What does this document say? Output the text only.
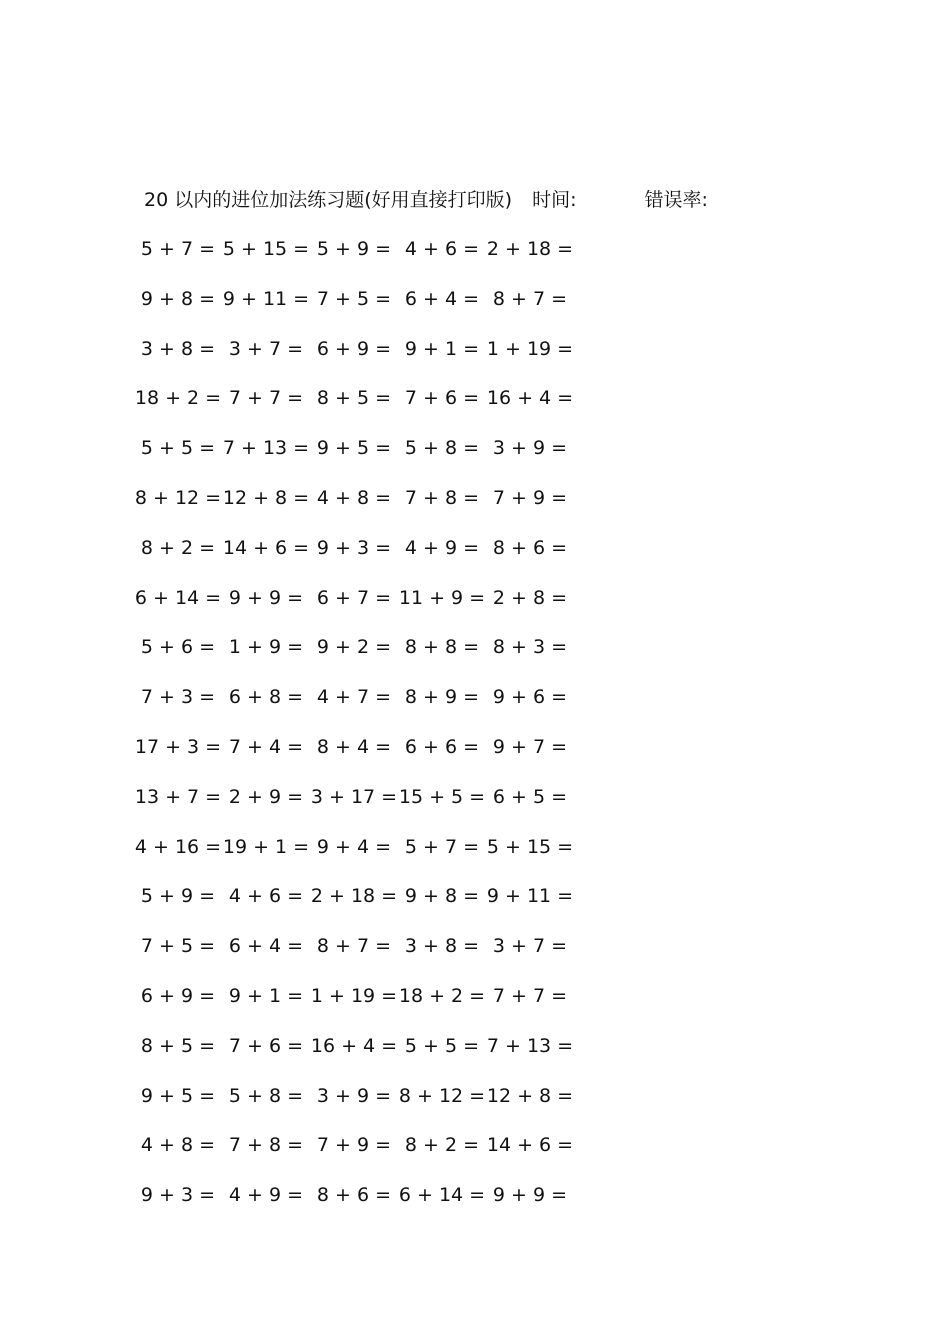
20 以内的进位加法练习题(好用直接打印版) 时间:	错误率:
5 + 7 = 5 + 15 = 5 + 9 = 4 + 6 = 2 + 18 =
9 + 8 = 9 + 11 = 7 + 5 = 6 + 4 = 8 + 7 =
3 + 8 = 3 + 7 = 6 + 9 = 9 + 1 = 1 + 19 =
18 + 2 = 7 + 7 = 8 + 5 = 7 + 6 = 16 + 4 =
5 + 5 = 7 + 13 = 9 + 5 = 5 + 8 = 3 + 9 =
8 + 12 = 12 + 8 = 4 + 8 = 7 + 8 = 7 + 9 =
8 + 2 = 14 + 6 = 9 + 3 = 4 + 9 = 8 + 6 =
6 + 14 = 9 + 9 = 6 + 7 = 11 + 9 = 2 + 8 =
5 + 6 = 1 + 9 = 9 + 2 = 8 + 8 = 8 + 3 =
7 + 3 = 6 + 8 = 4 + 7 = 8 + 9 = 9 + 6 =
17 + 3 = 7 + 4 = 8 + 4 = 6 + 6 = 9 + 7 =
13 + 7 = 2 + 9 = 3 + 17 = 15 + 5 = 6 + 5 =
4 + 16 = 19 + 1 = 9 + 4 = 5 + 7 = 5 + 15 =
5 + 9 = 4 + 6 = 2 + 18 = 9 + 8 = 9 + 11 =
7 + 5 = 6 + 4 = 8 + 7 = 3 + 8 = 3 + 7 =
6 + 9 = 9 + 1 = 1 + 19 = 18 + 2 = 7 + 7 =
8 + 5 = 7 + 6 = 16 + 4 = 5 + 5 = 7 + 13 =
9 + 5 = 5 + 8 = 3 + 9 = 8 + 12 = 12 + 8 =
4 + 8 = 7 + 8 = 7 + 9 = 8 + 2 = 14 + 6 =
9 + 3 = 4 + 9 = 8 + 6 = 6 + 14 = 9 + 9 =
